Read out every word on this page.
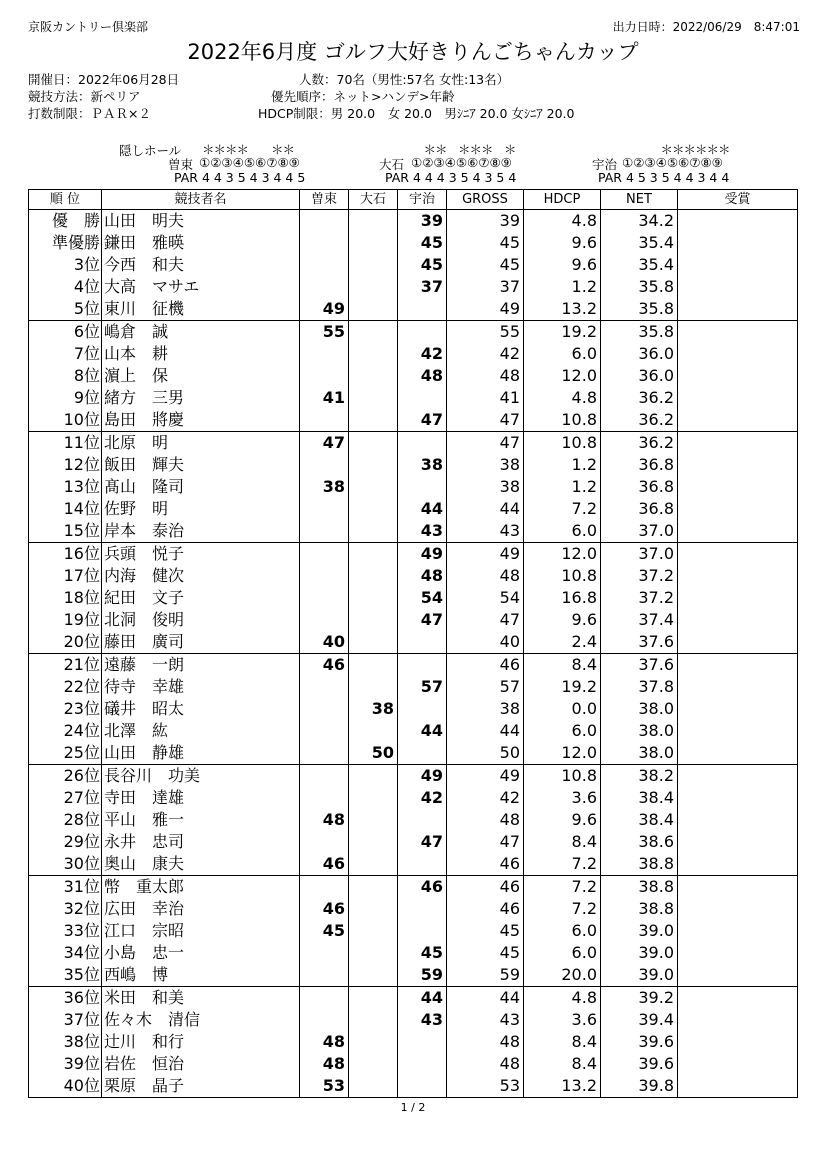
京阪カントリー倶楽部	出力日時：2022/06/29　8:47:01
2022年6月度 ゴルフ大好きりんごちゃんカップ
開催日：2022年06月28日	人数：70名（男性:57名 女性:13名）
競技方法：新ペリア	優先順序：ネット>ハンデ>年齢
打数制限：ＰＡＲ×２	HDCP制限：男 20.0　女 20.0　男ｼﾆｱ 20.0 女ｼﾆｱ 20.0
隠しホール ＊＊＊＊　　＊＊　
曽束 ①②③④⑤⑥⑦⑧⑨
PAR 4 4 3 5 4 3 4 4 5
　＊＊　＊＊＊　＊
大石 ①②③④⑤⑥⑦⑧⑨
PAR 4 4 4 3 5 4 3 5 4
　　　＊＊＊＊＊＊
宇治 ①②③④⑤⑥⑦⑧⑨
PAR 4 5 3 5 4 4 3 4 4
順 位	競技者名	曽束	大石	宇治	GROSS	HDCP	NET	受賞
優　勝	山田　明夫			39	39	4.8	34.2	
準優勝	鎌田　雅暎			45	45	9.6	35.4	
3位	今西　和夫			45	45	9.6	35.4	
4位	大高　マサエ			37	37	1.2	35.8	
5位	東川　征機	49			49	13.2	35.8	
6位	嶋倉　誠	55			55	19.2	35.8	
7位	山本　耕			42	42	6.0	36.0	
8位	濵上　保			48	48	12.0	36.0	
9位	緒方　三男	41			41	4.8	36.2	
10位	島田　將慶			47	47	10.8	36.2	
11位	北原　明	47			47	10.8	36.2	
12位	飯田　輝夫			38	38	1.2	36.8	
13位	髙山　隆司	38			38	1.2	36.8	
14位	佐野　明			44	44	7.2	36.8	
15位	岸本　泰治			43	43	6.0	37.0	
16位	兵頭　悦子			49	49	12.0	37.0	
17位	内海　健次			48	48	10.8	37.2	
18位	紀田　文子			54	54	16.8	37.2	
19位	北洞　俊明			47	47	9.6	37.4	
20位	藤田　廣司	40			40	2.4	37.6	
21位	遠藤　一朗	46			46	8.4	37.6	
22位	待寺　幸雄			57	57	19.2	37.8	
23位	礒井　昭太		38		38	0.0	38.0	
24位	北澤　紘			44	44	6.0	38.0	
25位	山田　静雄		50		50	12.0	38.0	
26位	長谷川　功美			49	49	10.8	38.2	
27位	寺田　達雄			42	42	3.6	38.4	
28位	平山　雅一	48			48	9.6	38.4	
29位	永井　忠司			47	47	8.4	38.6	
30位	奥山　康夫	46			46	7.2	38.8	
31位	幣　重太郎			46	46	7.2	38.8	
32位	広田　幸治	46			46	7.2	38.8	
33位	江口　宗昭	45			45	6.0	39.0	
34位	小島　忠一			45	45	6.0	39.0	
35位	西嶋　博			59	59	20.0	39.0	
36位	米田　和美			44	44	4.8	39.2	
37位	佐々木　清信			43	43	3.6	39.4	
38位	辻川　和行	48			48	8.4	39.6	
39位	岩佐　恒治	48			48	8.4	39.6	
40位	栗原　晶子	53			53	13.2	39.8	
1 / 2
